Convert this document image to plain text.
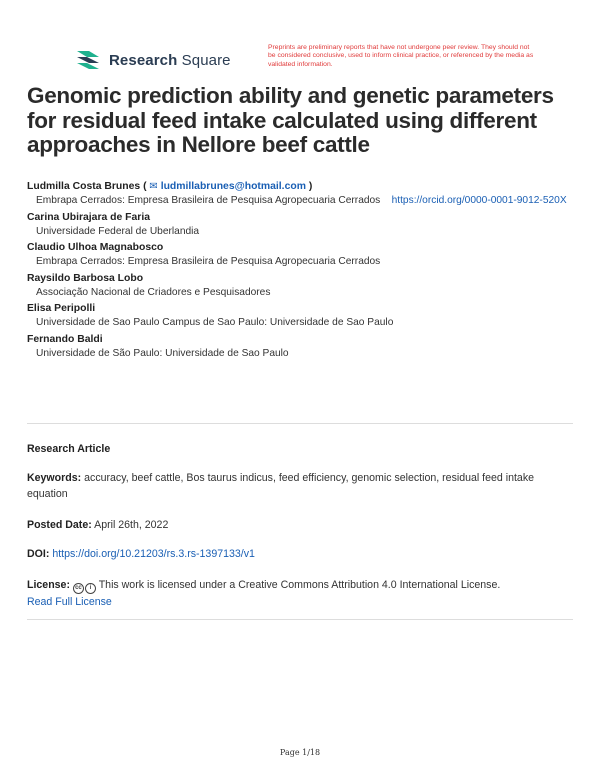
Research Square
Preprints are preliminary reports that have not undergone peer review. They should not be considered conclusive, used to inform clinical practice, or referenced by the media as validated information.
Genomic prediction ability and genetic parameters for residual feed intake calculated using different approaches in Nellore beef cattle
Ludmilla Costa Brunes ( ✉ ludmillabrunes@hotmail.com )
Embrapa Cerrados: Empresa Brasileira de Pesquisa Agropecuaria Cerrados https://orcid.org/0000-0001-9012-520X
Carina Ubirajara de Faria
Universidade Federal de Uberlandia
Claudio Ulhoa Magnabosco
Embrapa Cerrados: Empresa Brasileira de Pesquisa Agropecuaria Cerrados
Raysildo Barbosa Lobo
Associação Nacional de Criadores e Pesquisadores
Elisa Peripolli
Universidade de Sao Paulo Campus de Sao Paulo: Universidade de Sao Paulo
Fernando Baldi
Universidade de São Paulo: Universidade de Sao Paulo
Research Article
Keywords: accuracy, beef cattle, Bos taurus indicus, feed efficiency, genomic selection, residual feed intake equation
Posted Date: April 26th, 2022
DOI: https://doi.org/10.21203/rs.3.rs-1397133/v1
License: cc	i This work is licensed under a Creative Commons Attribution 4.0 International License.
Read Full License
Page 1/18
